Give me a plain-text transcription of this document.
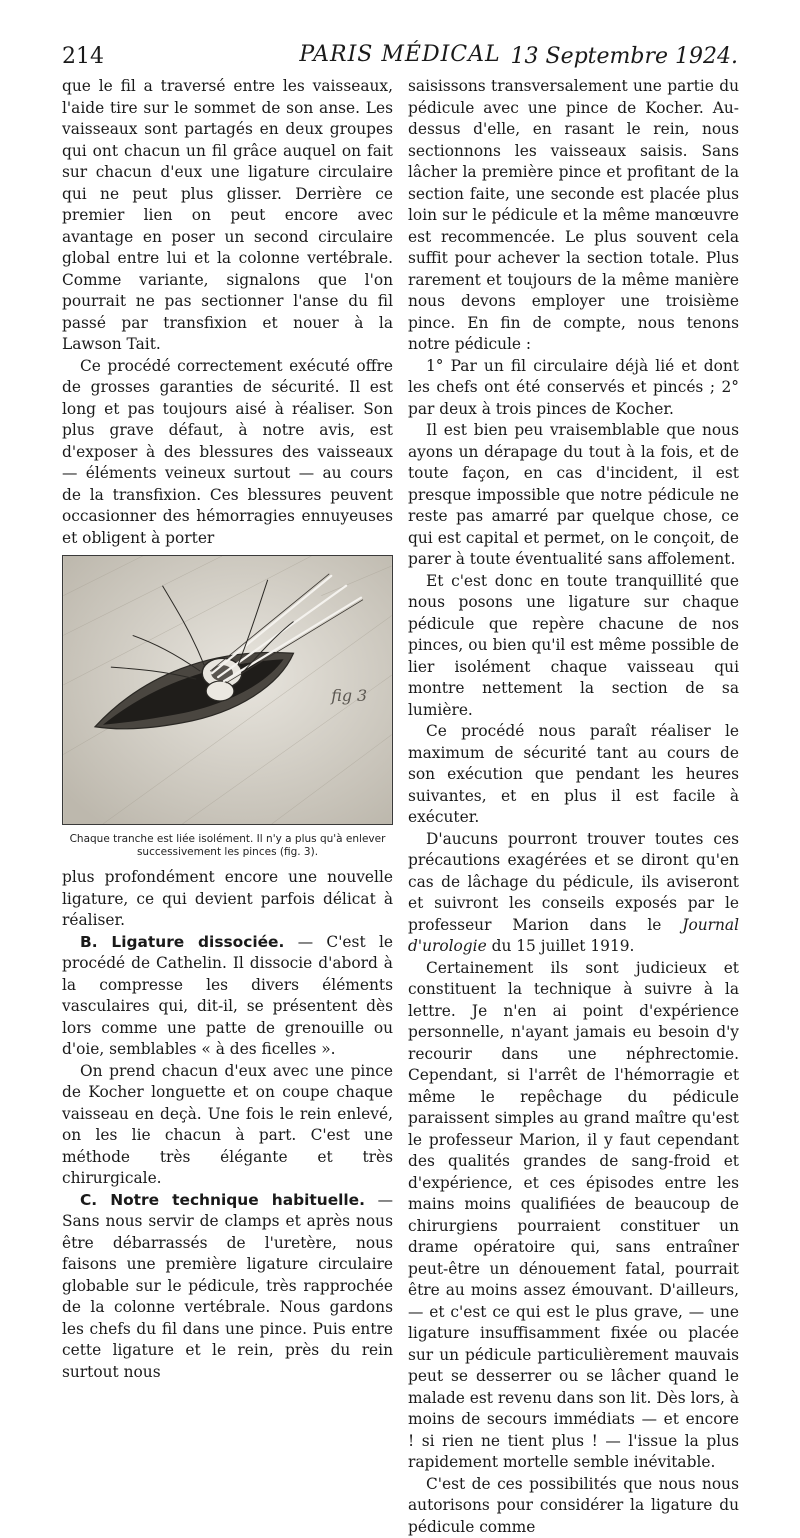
214	PARIS MÉDICAL 13 Septembre 1924.

que le fil a traversé entre les vaisseaux, l'aide tire sur le sommet de son anse. Les vaisseaux sont partagés en deux groupes qui ont chacun un fil grâce auquel on fait sur chacun d'eux une ligature circulaire qui ne peut plus glisser. Derrière ce premier lien on peut encore avec avantage en poser un second circulaire global entre lui et la colonne vertébrale. Comme variante, signalons que l'on pourrait ne pas sectionner l'anse du fil passé par transfixion et nouer à la Lawson Tait.

Ce procédé correctement exécuté offre de grosses garanties de sécurité. Il est long et pas toujours aisé à réaliser. Son plus grave défaut, à notre avis, est d'exposer à des blessures des vaisseaux — éléments veineux surtout — au cours de la transfixion. Ces blessures peuvent occasionner des hémorragies ennuyeuses et obligent à porter

fig 3
Chaque tranche est liée isolément. Il n'y a plus qu'à enlever
successivement les pinces (fig. 3).

plus profondément encore une nouvelle ligature, ce qui devient parfois délicat à réaliser.

B. Ligature dissociée. — C'est le procédé de Cathelin. Il dissocie d'abord à la compresse les divers éléments vasculaires qui, dit-il, se présentent dès lors comme une patte de grenouille ou d'oie, semblables « à des ficelles ».

On prend chacun d'eux avec une pince de Kocher longuette et on coupe chaque vaisseau en deçà. Une fois le rein enlevé, on les lie chacun à part. C'est une méthode très élégante et très chirurgicale.

C. Notre technique habituelle. — Sans nous servir de clamps et après nous être débarrassés de l'uretère, nous faisons une première ligature circulaire globable sur le pédicule, très rapprochée de la colonne vertébrale. Nous gardons les chefs du fil dans une pince. Puis entre cette ligature et le rein, près du rein surtout nous

saisissons transversalement une partie du pédicule avec une pince de Kocher. Au-dessus d'elle, en rasant le rein, nous sectionnons les vaisseaux saisis. Sans lâcher la première pince et profitant de la section faite, une seconde est placée plus loin sur le pédicule et la même manœuvre est recommencée. Le plus souvent cela suffit pour achever la section totale. Plus rarement et toujours de la même manière nous devons employer une troisième pince. En fin de compte, nous tenons notre pédicule :

1° Par un fil circulaire déjà lié et dont les chefs ont été conservés et pincés ; 2° par deux à trois pinces de Kocher.

Il est bien peu vraisemblable que nous ayons un dérapage du tout à la fois, et de toute façon, en cas d'incident, il est presque impossible que notre pédicule ne reste pas amarré par quelque chose, ce qui est capital et permet, on le conçoit, de parer à toute éventualité sans affolement.

Et c'est donc en toute tranquillité que nous posons une ligature sur chaque pédicule que repère chacune de nos pinces, ou bien qu'il est même possible de lier isolément chaque vaisseau qui montre nettement la section de sa lumière.

Ce procédé nous paraît réaliser le maximum de sécurité tant au cours de son exécution que pendant les heures suivantes, et en plus il est facile à exécuter.

D'aucuns pourront trouver toutes ces précautions exagérées et se diront qu'en cas de lâchage du pédicule, ils aviseront et suivront les conseils exposés par le professeur Marion dans le Journal d'urologie du 15 juillet 1919.

Certainement ils sont judicieux et constituent la technique à suivre à la lettre. Je n'en ai point d'expérience personnelle, n'ayant jamais eu besoin d'y recourir dans une néphrectomie. Cependant, si l'arrêt de l'hémorragie et même le repêchage du pédicule paraissent simples au grand maître qu'est le professeur Marion, il y faut cependant des qualités grandes de sang-froid et d'expérience, et ces épisodes entre les mains moins qualifiées de beaucoup de chirurgiens pourraient constituer un drame opératoire qui, sans entraîner peut-être un dénouement fatal, pourrait être au moins assez émouvant. D'ailleurs, — et c'est ce qui est le plus grave, — une ligature insuffisamment fixée ou placée sur un pédicule particulièrement mauvais peut se desserrer ou se lâcher quand le malade est revenu dans son lit. Dès lors, à moins de secours immédiats — et encore ! si rien ne tient plus ! — l'issue la plus rapidement mortelle semble inévitable.

C'est de ces possibilités que nous nous autorisons pour considérer la ligature du pédicule comme
